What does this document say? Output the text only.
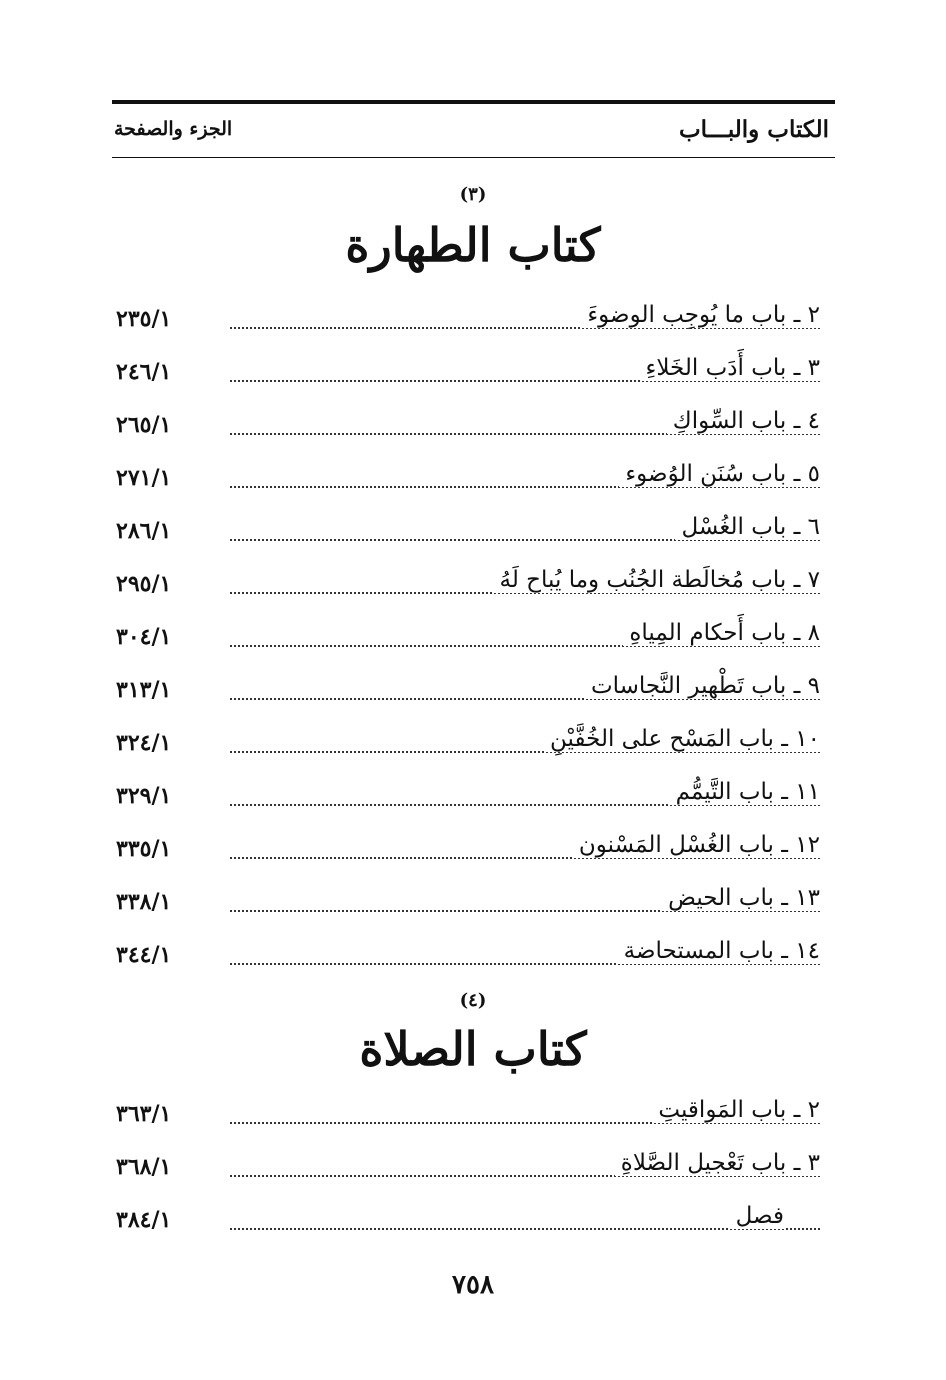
الكتاب والبـــاب
الجزء والصفحة
(٣)
كتاب الطهارة
٢ ـ باب ما يُوجِب الوضوءَ
٢٣٥/١
٣ ـ باب أَدَب الخَلاءِ
٢٤٦/١
٤ ـ باب السِّواكِ
٢٦٥/١
٥ ـ باب سُنَن الوُضوء
٢٧١/١
٦ ـ باب الغُسْل
٢٨٦/١
٧ ـ باب مُخالَطة الجُنُب وما يُباح لَهُ
٢٩٥/١
٨ ـ باب أَحكام المِياهِ
٣٠٤/١
٩ ـ باب تَطْهير النَّجاسات
٣١٣/١
١٠ ـ باب المَسْح على الخُفَّيْنِ
٣٢٤/١
١١ ـ باب التَّيمُّم
٣٢٩/١
١٢ ـ باب الغُسْل المَسْنون
٣٣٥/١
١٣ ـ باب الحيض
٣٣٨/١
١٤ ـ باب المستحاضة
٣٤٤/١
(٤)
كتاب الصلاة
٢ ـ باب المَواقيتِ
٣٦٣/١
٣ ـ باب تَعْجيل الصَّلاةِ
٣٦٨/١
فصل
٣٨٤/١
٧٥٨
